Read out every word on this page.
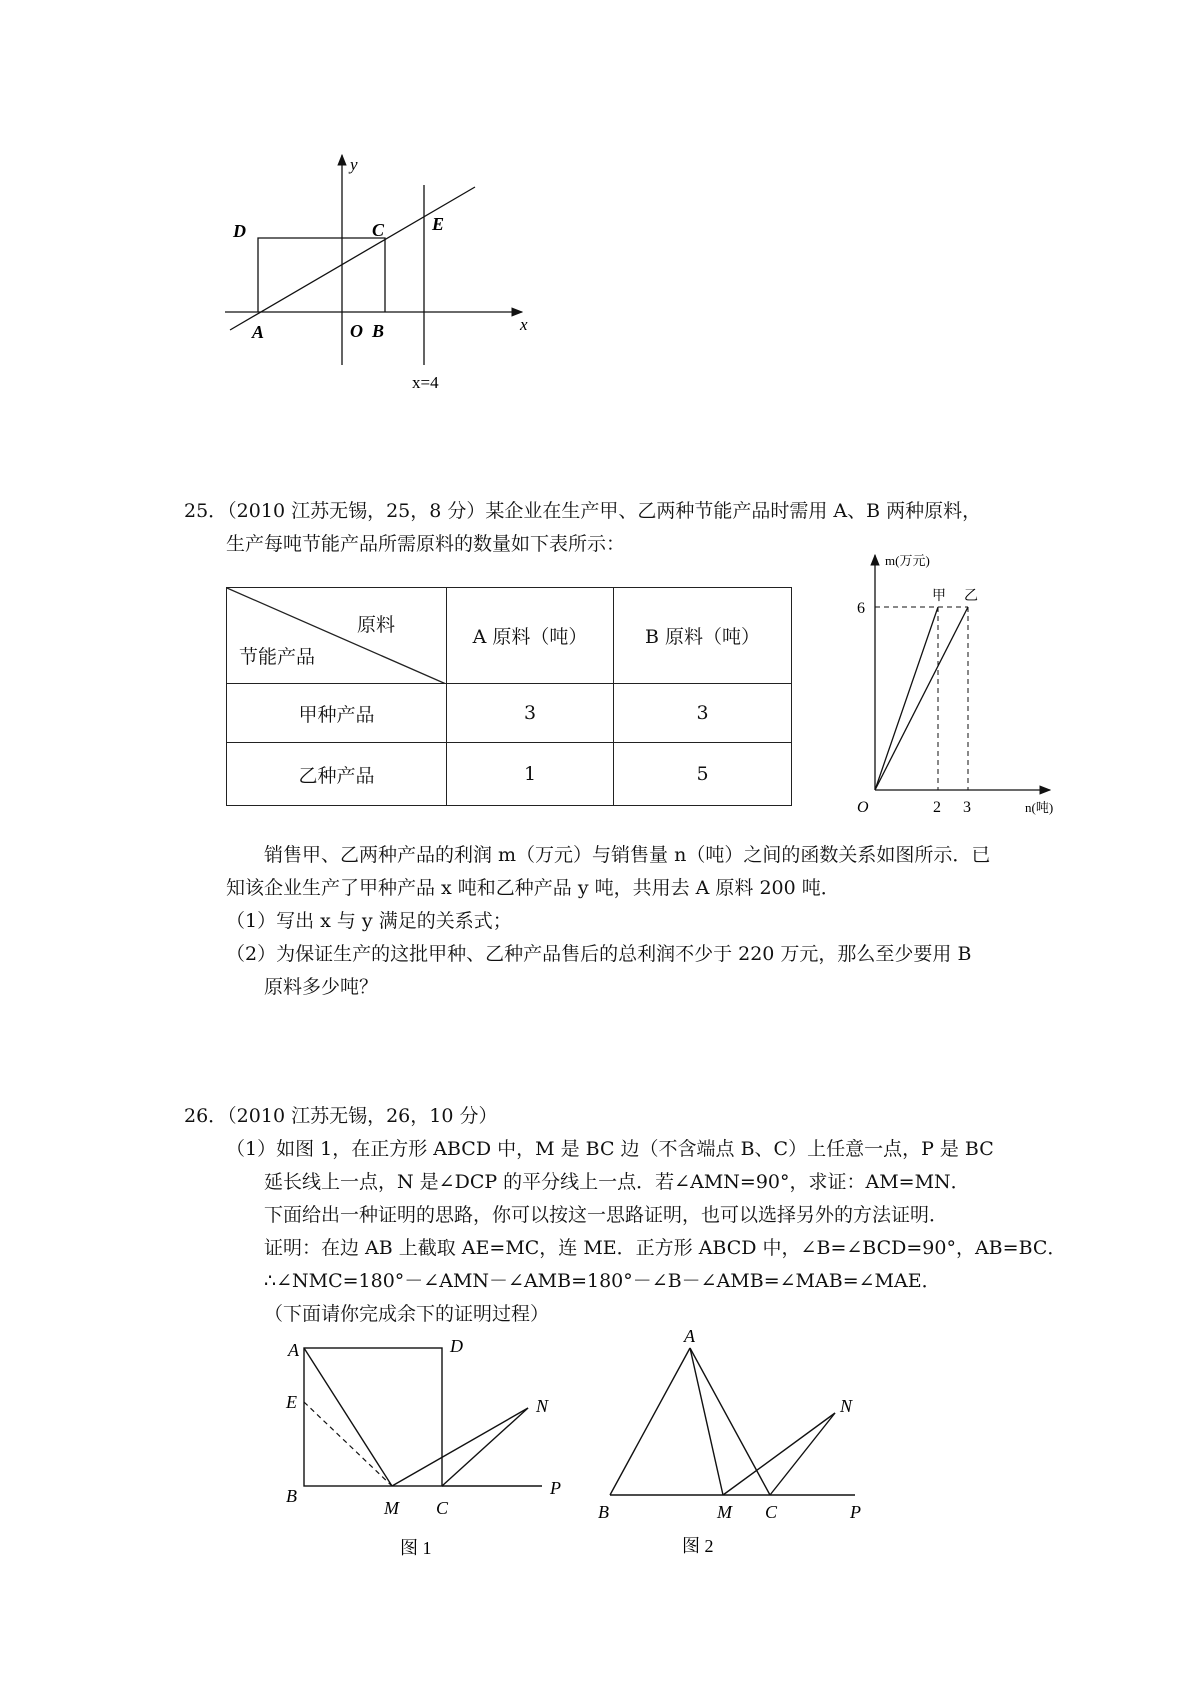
y
D	C	E
A	O B	x
x=4
25．（2010 江苏无锡，25，8 分）某企业在生产甲、乙两种节能产品时需用 A、B 两种原料，
生产每吨节能产品所需原料的数量如下表所示：
原料
节能产品	A 原料（吨）	B 原料（吨）
甲种产品	3	3
乙种产品	1	5
m(万元)
6
甲 乙
O	2 3	n(吨)
销售甲、乙两种产品的利润 m（万元）与销售量 n（吨）之间的函数关系如图所示．已
知该企业生产了甲种产品 x 吨和乙种产品 y 吨，共用去 A 原料 200 吨．
（1）写出 x 与 y 满足的关系式；
（2）为保证生产的这批甲种、乙种产品售后的总利润不少于 220 万元，那么至少要用 B
原料多少吨？
26．（2010 江苏无锡，26，10 分）
（1）如图 1，在正方形 ABCD 中，M 是 BC 边（不含端点 B、C）上任意一点，P 是 BC
延长线上一点，N 是∠DCP 的平分线上一点．若∠AMN=90°，求证：AM=MN．
下面给出一种证明的思路，你可以按这一思路证明，也可以选择另外的方法证明．
证明：在边 AB 上截取 AE=MC，连 ME．正方形 ABCD 中，∠B=∠BCD=90°，AB=BC．
∴∠NMC=180°－∠AMN－∠AMB=180°－∠B－∠AMB=∠MAB=∠MAE．
（下面请你完成余下的证明过程）
A	D
E	N
B
M C
P
图 1
A
N
B	M C	P
图 2
